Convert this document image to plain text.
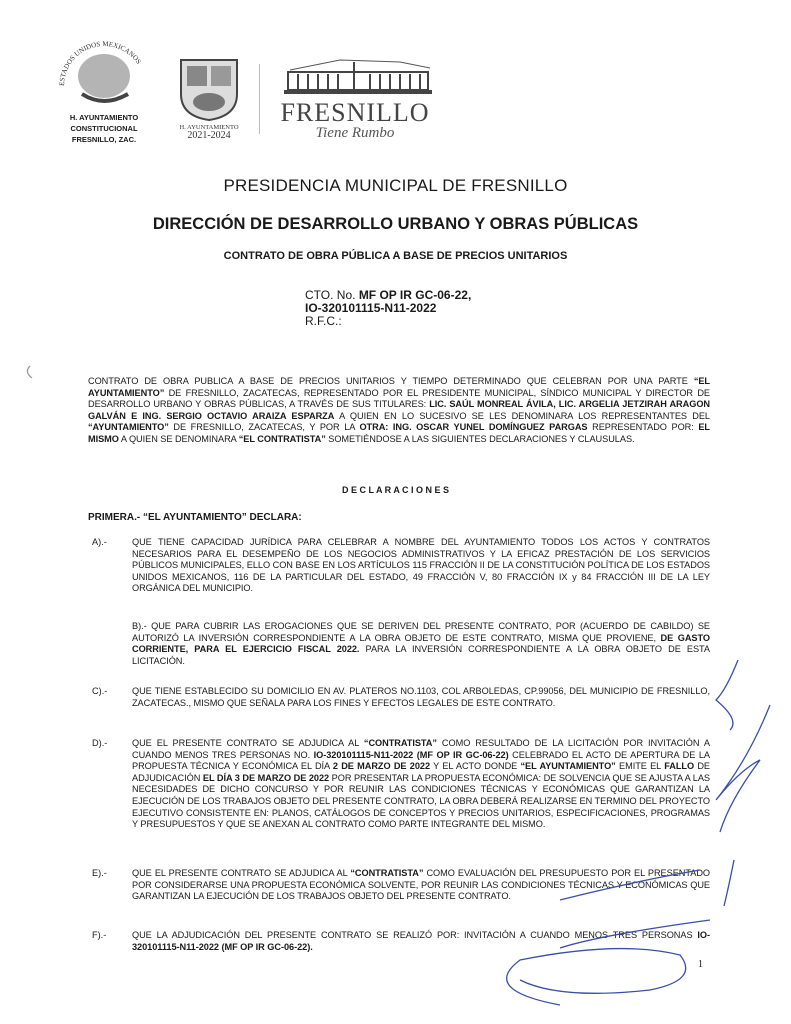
ESTADOS UNIDOS MEXICANOS
H. AYUNTAMIENTO
CONSTITUCIONAL
FRESNILLO, ZAC.
H. AYUNTAMIENTO
2021-2024
FRESNILLO
Tiene Rumbo
PRESIDENCIA MUNICIPAL DE FRESNILLO
DIRECCIÓN DE DESARROLLO URBANO Y OBRAS PÚBLICAS
CONTRATO DE OBRA PÚBLICA A BASE DE PRECIOS UNITARIOS
CTO. No. MF OP IR GC-06-22,
IO-320101115-N11-2022
R.F.C.:
CONTRATO DE OBRA PUBLICA A BASE DE PRECIOS UNITARIOS Y TIEMPO DETERMINADO QUE CELEBRAN POR UNA PARTE “EL AYUNTAMIENTO” DE FRESNILLO, ZACATECAS, REPRESENTADO POR EL PRESIDENTE MUNICIPAL, SÍNDICO MUNICIPAL Y DIRECTOR DE DESARROLLO URBANO Y OBRAS PÚBLICAS, A TRAVÉS DE SUS TITULARES: LIC. SAÚL MONREAL ÁVILA, LIC. ARGELIA JETZIRAH ARAGON GALVÁN E ING. SERGIO OCTAVIO ARAIZA ESPARZA A QUIEN EN LO SUCESIVO SE LES DENOMINARA LOS REPRESENTANTES DEL “AYUNTAMIENTO” DE FRESNILLO, ZACATECAS, Y POR LA OTRA: ING. OSCAR YUNEL DOMÍNGUEZ PARGAS REPRESENTADO POR: EL MISMO A QUIEN SE DENOMINARA “EL CONTRATISTA” SOMETIÉNDOSE A LAS SIGUIENTES DECLARACIONES Y CLAUSULAS.
D E C L A R A C I O N E S
PRIMERA.- “EL AYUNTAMIENTO” DECLARA:
A).-	QUE TIENE CAPACIDAD JURÍDICA PARA CELEBRAR A NOMBRE DEL AYUNTAMIENTO TODOS LOS ACTOS Y CONTRATOS NECESARIOS PARA EL DESEMPEÑO DE LOS NEGOCIOS ADMINISTRATIVOS Y LA EFICAZ PRESTACIÓN DE LOS SERVICIOS PÚBLICOS MUNICIPALES, ELLO CON BASE EN LOS ARTÍCULOS 115 FRACCIÓN II DE LA CONSTITUCIÓN POLÍTICA DE LOS ESTADOS UNIDOS MEXICANOS, 116 DE LA PARTICULAR DEL ESTADO, 49 FRACCIÓN V, 80 FRACCIÓN IX y 84 FRACCIÓN III DE LA LEY ORGÁNICA DEL MUNICIPIO.
B).- QUE PARA CUBRIR LAS EROGACIONES QUE SE DERIVEN DEL PRESENTE CONTRATO, POR (ACUERDO DE CABILDO) SE AUTORIZÓ LA INVERSIÓN CORRESPONDIENTE A LA OBRA OBJETO DE ESTE CONTRATO, MISMA QUE PROVIENE, DE GASTO CORRIENTE, PARA EL EJERCICIO FISCAL 2022. PARA LA INVERSIÓN CORRESPONDIENTE A LA OBRA OBJETO DE ESTA LICITACIÓN.
C).-	QUE TIENE ESTABLECIDO SU DOMICILIO EN AV. PLATEROS NO.1103, COL ARBOLEDAS, CP.99056, DEL MUNICIPIO DE FRESNILLO, ZACATECAS., MISMO QUE SEÑALA PARA LOS FINES Y EFECTOS LEGALES DE ESTE CONTRATO.
D).-	QUE EL PRESENTE CONTRATO SE ADJUDICA AL “CONTRATISTA” COMO RESULTADO DE LA LICITACIÓN POR INVITACIÓN A CUANDO MENOS TRES PERSONAS NO. IO-320101115-N11-2022 (MF OP IR GC-06-22) CELEBRADO EL ACTO DE APERTURA DE LA PROPUESTA TÉCNICA Y ECONÓMICA EL DÍA 2 DE MARZO DE 2022 Y EL ACTO DONDE “EL AYUNTAMIENTO” EMITE EL FALLO DE ADJUDICACIÓN EL DÍA 3 DE MARZO DE 2022 POR PRESENTAR LA PROPUESTA ECONÓMICA: DE SOLVENCIA QUE SE AJUSTA A LAS NECESIDADES DE DICHO CONCURSO Y POR REUNIR LAS CONDICIONES TÉCNICAS Y ECONÓMICAS QUE GARANTIZAN LA EJECUCIÓN DE LOS TRABAJOS OBJETO DEL PRESENTE CONTRATO, LA OBRA DEBERÁ REALIZARSE EN TERMINO DEL PROYECTO EJECUTIVO CONSISTENTE EN: PLANOS, CATÁLOGOS DE CONCEPTOS Y PRECIOS UNITARIOS, ESPECIFICACIONES, PROGRAMAS Y PRESUPUESTOS Y QUE SE ANEXAN AL CONTRATO COMO PARTE INTEGRANTE DEL MISMO.
E).-	QUE EL PRESENTE CONTRATO SE ADJUDICA AL “CONTRATISTA” COMO EVALUACIÓN DEL PRESUPUESTO POR EL PRESENTADO POR CONSIDERARSE UNA PROPUESTA ECONÓMICA SOLVENTE, POR REUNIR LAS CONDICIONES TÉCNICAS Y ECONÓMICAS QUE GARANTIZAN LA EJECUCIÓN DE LOS TRABAJOS OBJETO DEL PRESENTE CONTRATO.
F).-	QUE LA ADJUDICACIÓN DEL PRESENTE CONTRATO SE REALIZÓ POR: INVITACIÓN A CUANDO MENOS TRES PERSONAS IO-320101115-N11-2022 (MF OP IR GC-06-22).
1
